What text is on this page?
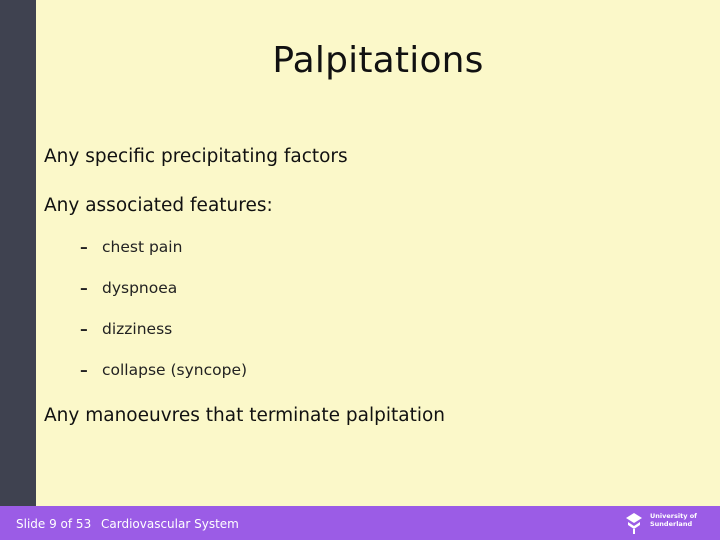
Palpitations
Any specific precipitating factors
Any associated features:
– chest pain
– dyspnoea
– dizziness
– collapse (syncope)
Any manoeuvres that terminate palpitation
Slide 9 of 53 Cardiovascular System
University of Sunderland
